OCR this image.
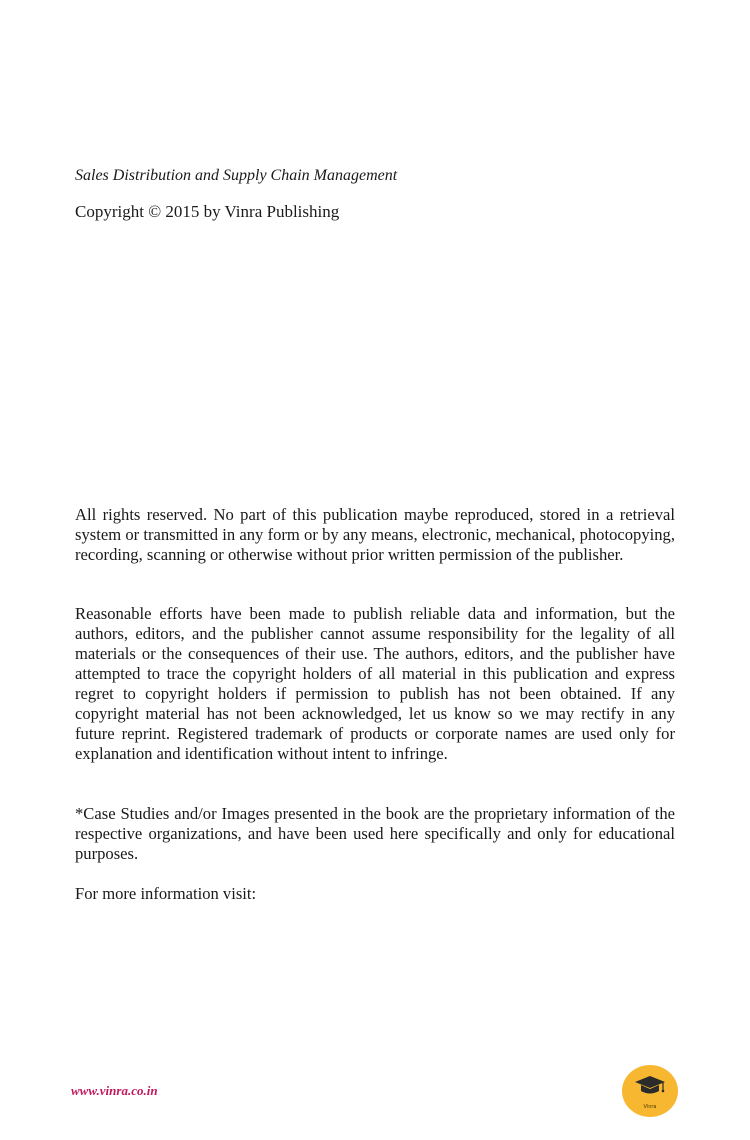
Sales Distribution and Supply Chain Management

Copyright © 2015 by Vinra Publishing

All rights reserved. No part of this publication maybe reproduced, stored in a retrieval system or transmitted in any form or by any means, electronic, mechanical, photocopying, recording, scanning or otherwise without prior written permission of the publisher.

Reasonable efforts have been made to publish reliable data and information, but the authors, editors, and the publisher cannot assume responsibility for the legality of all materials or the consequences of their use. The authors, editors, and the publisher have attempted to trace the copyright holders of all material in this publication and express regret to copyright holders if permission to publish has not been obtained. If any copyright material has not been acknowledged, let us know so we may rectify in any future reprint. Registered trademark of products or corporate names are used only for explanation and identification without intent to infringe.

*Case Studies and/or Images presented in the book are the proprietary information of the respective organizations, and have been used here specifically and only for educational purposes.

For more information visit:

www.vinra.co.in
Vinra
